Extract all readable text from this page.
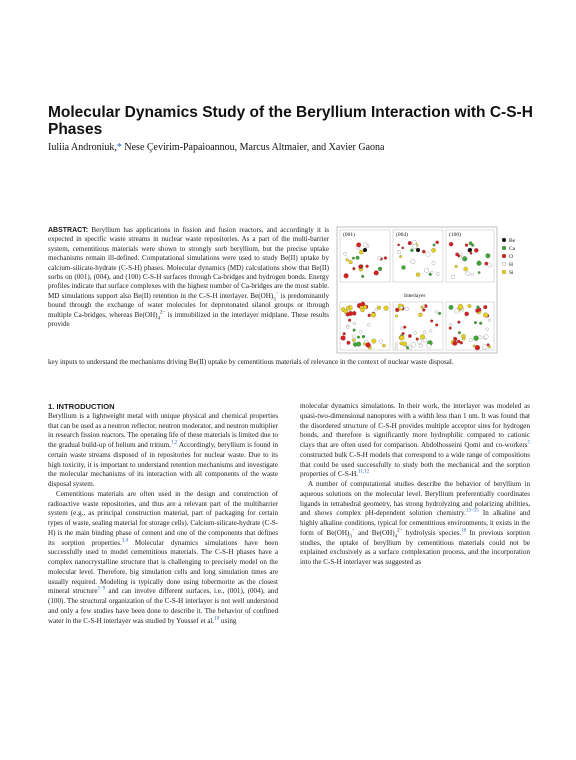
Molecular Dynamics Study of the Beryllium Interaction with C-S-H Phases
Iuliia Androniuk,* Nese Çevirim-Papaioannou, Marcus Altmaier, and Xavier Gaona

ABSTRACT: Beryllium has applications in fission and fusion reactors, and accordingly it is expected in specific waste streams in nuclear waste repositories. As a part of the multi-barrier system, cementitious materials were shown to strongly sorb beryllium, but the precise uptake mechanisms remain ill-defined. Computational simulations were used to study Be(II) uptake by calcium-silicate-hydrate (C-S-H) phases. Molecular dynamics (MD) calculations show that Be(II) sorbs on (001), (004), and (100) C-S-H surfaces through Ca-bridges and hydrogen bonds. Energy profiles indicate that surface complexes with the highest number of Ca-bridges are the most stable. MD simulations support also Be(II) retention in the C-S-H interlayer. $Be(OH)_3^-$ is predominantly bound through the exchange of water molecules for deprotonated silanol groups or through multiple Ca-bridges, whereas $Be(OH)_4^{2-}$ is immobilized in the interlayer midplane. These results provide

key inputs to understand the mechanisms driving Be(II) uptake by cementitious materials of relevance in the context of nuclear waste disposal.

(001)	(004)	(100)
Interlayer
Be
Ca
O
H
Si

1. INTRODUCTION

Beryllium is a lightweight metal with unique physical and chemical properties that can be used as a neutron reflector, neutron moderator, and neutron multiplier in research fission reactors. The operating life of these materials is limited due to the gradual build-up of helium and tritium.$^{1,2}$ Accordingly, beryllium is found in certain waste streams disposed of in repositories for nuclear waste. Due to its high toxicity, it is important to understand retention mechanisms and investigate the molecular mechanisms of its interaction with all components of the waste disposal system.

Cementitious materials are often used in the design and construction of radioactive waste repositories, and thus are a relevant part of the multibarrier system (e.g., as principal construction material, part of packaging for certain types of waste, sealing material for storage cells). Calcium-silicate-hydrate (C-S-H) is the main binding phase of cement and one of the components that defines its sorption properties.$^{3,4}$ Molecular dynamics simulations have been successfully used to model cementitious materials. The C-S-H phases have a complex nanocrystalline structure that is challenging to precisely model on the molecular level. Therefore, big simulation cells and long simulation times are usually required. Modeling is typically done using tobermorite as the closest mineral structure$^{5-9}$ and can involve different surfaces, i.e., (001), (004), and (100). The structural organization of the C-S-H interlayer is not well understood and only a few studies have been done to describe it. The behavior of confined water in the C-S-H interlayer was studied by Youssef et al.$^{10}$ using

molecular dynamics simulations. In their work, the interlayer was modeled as quasi-two-dimensional nanopores with a width less than 1 nm. It was found that the disordered structure of C-S-H provides multiple acceptor sites for hydrogen bonds, and therefore is significantly more hydrophilic compared to cationic clays that are often used for comparison. Abdolhosseini Qomi and co-workers$^5$ constructed bulk C-S-H models that correspond to a wide range of compositions that could be used successfully to study both the mechanical and the sorption properties of C-S-H.$^{11,12}$

A number of computational studies describe the behavior of beryllium in aqueous solutions on the molecular level. Beryllium preferentially coordinates ligands in tetrahedral geometry, has strong hydrolyzing and polarizing abilities, and shows complex pH-dependent solution chemistry.$^{13-15}$ In alkaline and highly alkaline conditions, typical for cementitious environments, it exists in the form of $Be(OH)_3^-$ and $Be(OH)_4^{2-}$ hydrolysis species.$^{16}$ In previous sorption studies, the uptake of beryllium by cementitious materials could not be explained exclusively as a surface complexation process, and the incorporation into the C-S-H interlayer was suggested as
